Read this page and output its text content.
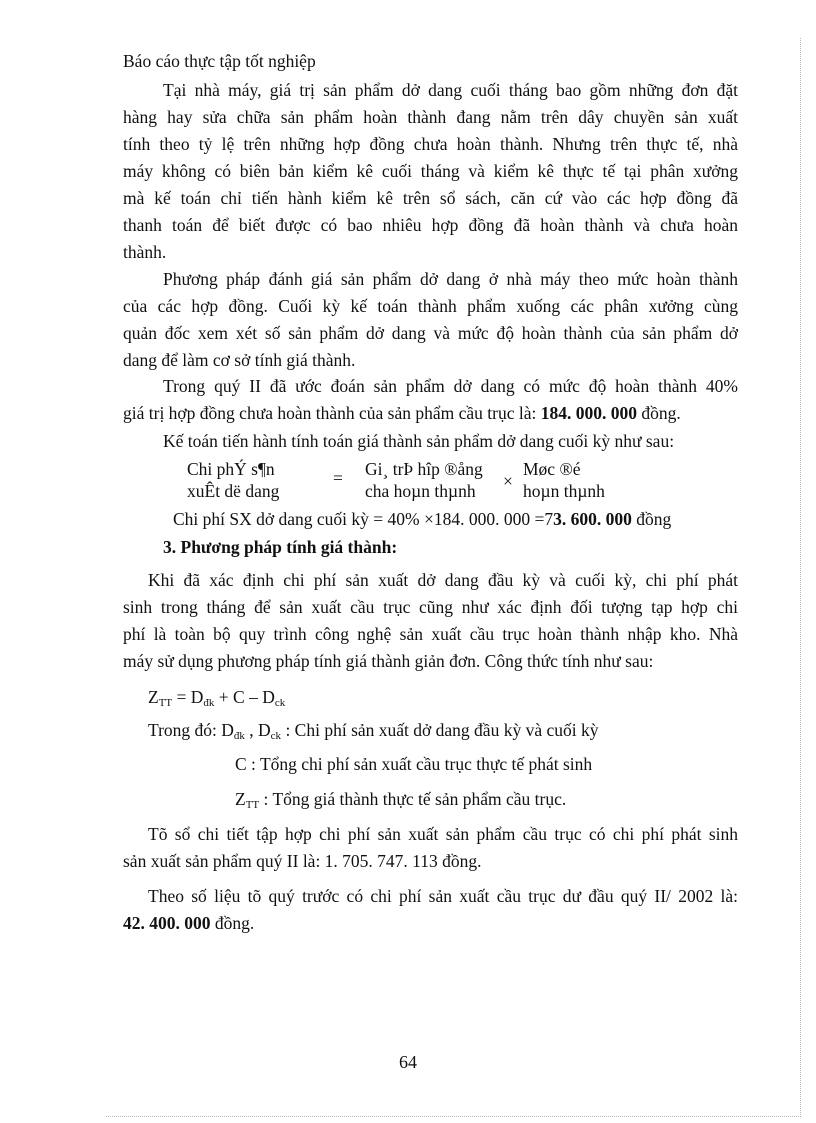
Báo cáo thực tập tốt nghiệp
Tại nhà máy, giá trị sản phẩm dở dang cuối tháng bao gồm những đơn đặt
hàng hay sửa chữa sản phẩm hoàn thành đang nằm trên dây chuyền sản xuất
tính theo tỷ lệ trên những hợp đồng chưa hoàn thành. Nhưng trên thực tế, nhà
máy không có biên bản kiểm kê cuối tháng và kiểm kê thực tế tại phân xưởng
mà kế toán chỉ tiến hành kiểm kê trên sổ sách, căn cứ vào các hợp đồng đã
thanh toán để biết được có bao nhiêu hợp đồng đã hoàn thành và chưa hoàn
thành.
Phương pháp đánh giá sản phẩm dở dang ở nhà máy theo mức hoàn thành
của các hợp đồng. Cuối kỳ kế toán thành phẩm xuống các phân xưởng cùng
quản đốc xem xét số sản phẩm dở dang và mức độ hoàn thành của sản phẩm dở
dang để làm cơ sở tính giá thành.
Trong quý II đã ước đoán sản phẩm dở dang có mức độ hoàn thành 40%
giá trị hợp đồng chưa hoàn thành của sản phẩm cầu trục là: 184. 000. 000 đồng.
Kế toán tiến hành tính toán giá thành sản phẩm dở dang cuối kỳ như sau:
Chi phÝ s¶n
xuÊt dë dang
= Gi¸ trÞ hîp ®ång
cha hoµn thµnh ×
Møc ®é
hoµn thµnh
Chi phí SX dở dang cuối kỳ = 40% ×184. 000. 000 =73. 600. 000 đồng
3. Phương pháp tính giá thành:
Khi đã xác định chi phí sản xuất dở dang đầu kỳ và cuối kỳ, chi phí phát
sinh trong tháng để sản xuất cầu trục cũng như xác định đối tượng tạp hợp chi
phí là toàn bộ quy trình công nghệ sản xuất cầu trục hoàn thành nhập kho. Nhà
máy sử dụng phương pháp tính giá thành giản đơn. Công thức tính như sau:
$Z_{TT} = D_{đk} + C - D_{ck}$
Trong đó: $D_{đk}$ , $D_{ck}$ : Chi phí sản xuất dở dang đầu kỳ và cuối kỳ
C : Tổng chi phí sản xuất cầu trục thực tế phát sinh
$Z_{TT}$ : Tổng giá thành thực tế sản phẩm cầu trục.
Tõ sổ chi tiết tập hợp chi phí sản xuất sản phẩm cầu trục có chi phí phát sinh
sản xuất sản phẩm quý II là: 1. 705. 747. 113 đồng.
Theo số liệu tõ quý trước có chi phí sản xuất cầu trục dư đầu quý II/ 2002 là:
42. 400. 000 đồng.
64
